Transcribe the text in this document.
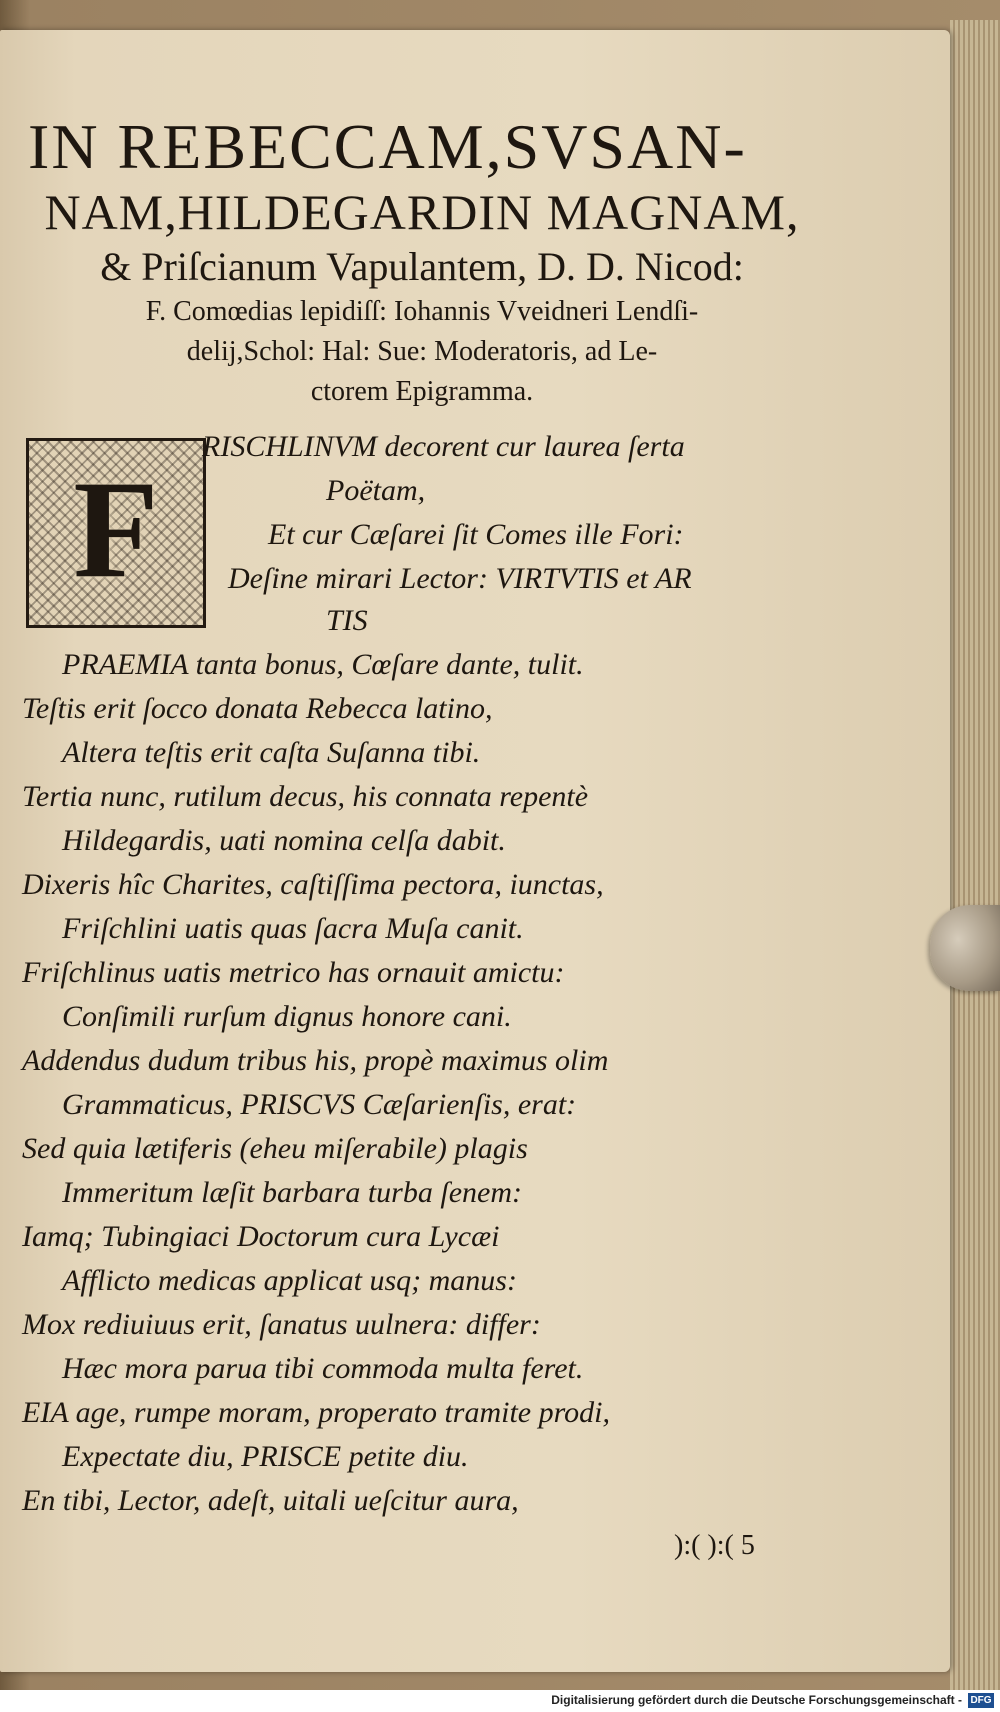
IN REBECCAM,SVSAN-
NAM,HILDEGARDIN MAGNAM,
& Priſcianum Vapulantem, D. D. Nicod:
F. Comœdias lepidiſſ: Iohannis Vveidneri Lendſi-
delij,Schol: Hal: Sue: Moderatoris, ad Le-
ctorem Epigramma.
F
RISCHLINVM decorent cur laurea ſerta
Poëtam,
Et cur Cæſarei ſit Comes ille Fori:
Deſine mirari Lector: VIRTVTIS et AR
TIS
PRAEMIA tanta bonus, Cœſare dante, tulit.
Teſtis erit ſocco donata Rebecca latino,
Altera teſtis erit caſta Suſanna tibi.
Tertia nunc, rutilum decus, his connata repentè
Hildegardis, uati nomina celſa dabit.
Dixeris hîc Charites, caſtiſſima pectora, iunctas,
Friſchlini uatis quas ſacra Muſa canit.
Friſchlinus uatis metrico has ornauit amictu:
Conſimili rurſum dignus honore cani.
Addendus dudum tribus his, propè maximus olim
Grammaticus, PRISCVS Cæſarienſis, erat:
Sed quia lætiferis (eheu miſerabile) plagis
Immeritum læſit barbara turba ſenem:
Iamq; Tubingiaci Doctorum cura Lycæi
Afflicto medicas applicat usq; manus:
Mox rediuiuus erit, ſanatus uulnera: differ:
Hæc mora parua tibi commoda multa feret.
EIA age, rumpe moram, properato tramite prodi,
Expectate diu, PRISCE petite diu.
En tibi, Lector, adeſt, uitali ueſcitur aura,
):( ):( 5
Digitalisierung gefördert durch die Deutsche Forschungsgemeinschaft - DFG
